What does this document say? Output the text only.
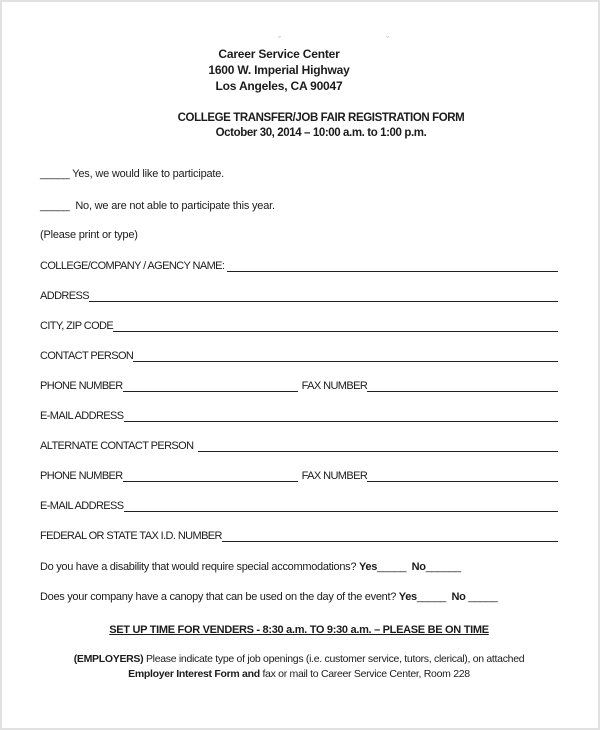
ˇ	ˇ
Career Service Center
1600 W. Imperial Highway
Los Angeles, CA 90047
COLLEGE TRANSFER/JOB FAIR REGISTRATION FORM
October 30, 2014 – 10:00 a.m. to 1:00 p.m.

_____ Yes, we would like to participate.

_____ No, we are not able to participate this year.

(Please print or type)

COLLEGE/COMPANY / AGENCY NAME:
ADDRESS
CITY, ZIP CODE
CONTACT PERSON
PHONE NUMBER	FAX NUMBER
E-MAIL ADDRESS
ALTERNATE CONTACT PERSON
PHONE NUMBER	FAX NUMBER
E-MAIL ADDRESS
FEDERAL OR STATE TAX I.D. NUMBER

Do you have a disability that would require special accommodations? Yes_____ No______

Does your company have a canopy that can be used on the day of the event? Yes_____ No _____

SET UP TIME FOR VENDERS - 8:30 a.m. TO 9:30 a.m. – PLEASE BE ON TIME

(EMPLOYERS) Please indicate type of job openings (i.e. customer service, tutors, clerical), on attached

Employer Interest Form and fax or mail to Career Service Center, Room 228
